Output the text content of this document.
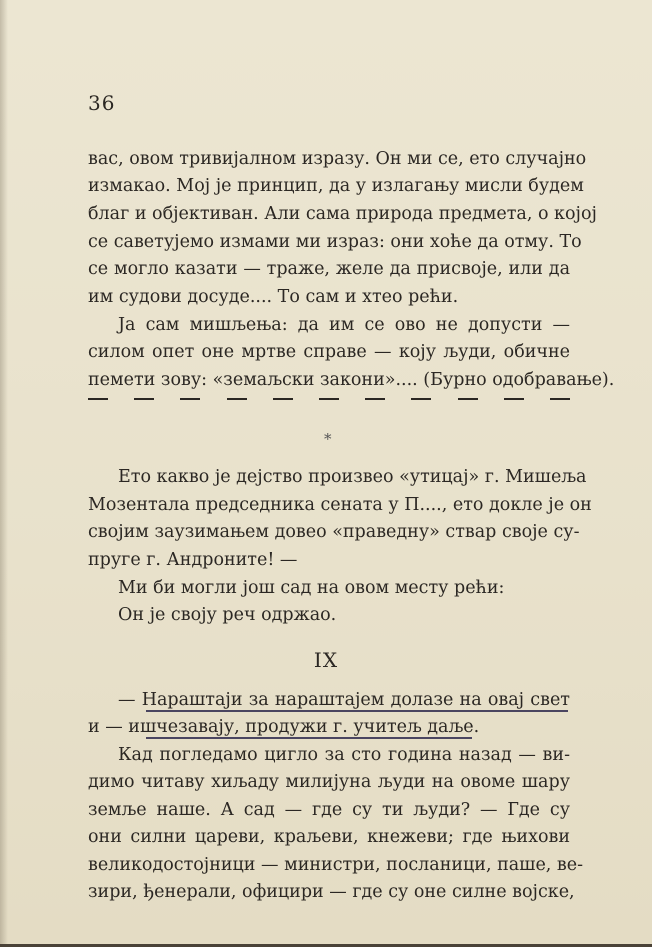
36
вас, овом тривијалном изразу. Он ми се, ето случајно
измакао. Мој је принцип, да у излагању мисли будем
благ и објективан. Али сама природа предмета, о којој
се саветујемо измами ми израз: они хоће да отму. То
се могло казати — траже, желе да присвоје, или да
им судови досуде.... То сам и хтео рећи.
Ја сам мишљења: да им се ово не допусти —
силом опет оне мртве справе — коју људи, обичне
пемети зову: «земаљски закони».... (Бурно одобравање).
Ето какво је дејство произвео «утицај» г. Мишеља
Мозентала председника сената у П...., ето докле је он
својим заузимањем довео «праведну» ствар своје су-
пруге г. Андроните! —
Ми би могли још сад на овом месту рећи:
Он је своју реч одржао.
— Нараштаји за нараштајем долазе на овај свет
и — ишчезавају, продужи г. учитељ даље.
Кад погледамо цигло за сто година назад — ви-
димо читаву хиљаду милијуна људи на овоме шару
земље наше. А сад — где су ти људи? — Где су
они силни цареви, краљеви, кнежеви; где њихови
великодостојници — министри, посланици, паше, ве-
зири, ђенерали, официри — где су оне силне војске,
*
IX
